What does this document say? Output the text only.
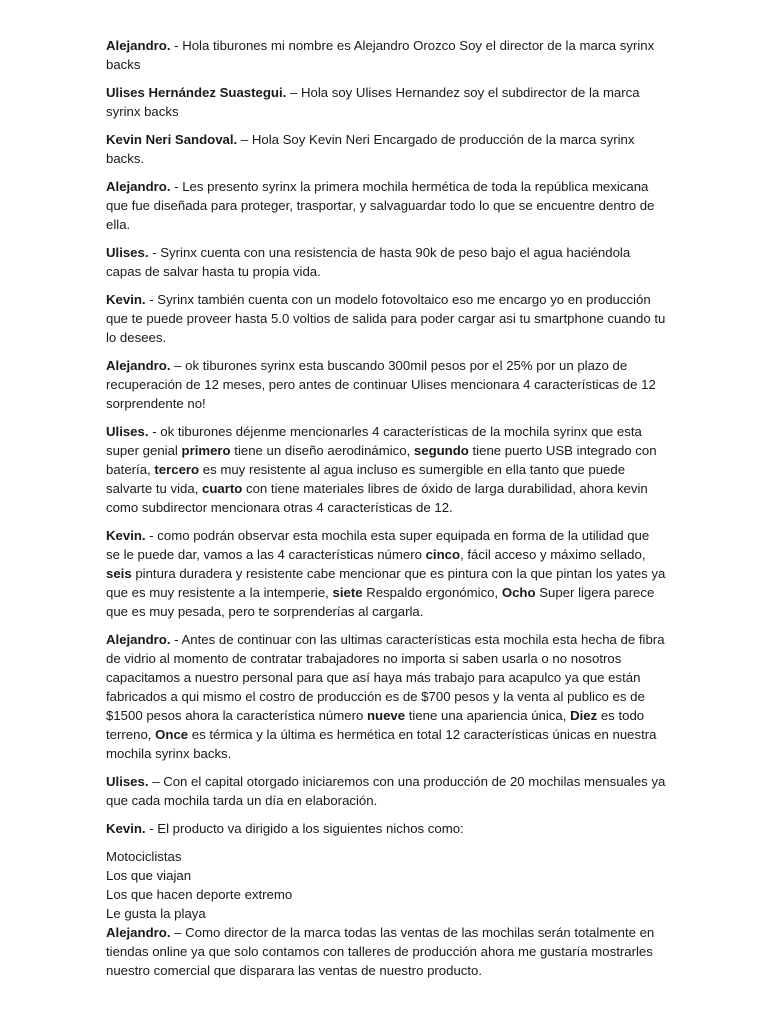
Alejandro. - Hola tiburones mi nombre es Alejandro Orozco Soy el director de la marca syrinx backs

Ulises Hernández Suastegui. – Hola soy Ulises Hernandez soy el subdirector de la marca syrinx backs

Kevin Neri Sandoval. – Hola Soy Kevin Neri Encargado de producción de la marca syrinx backs.

Alejandro. - Les presento syrinx la primera mochila hermética de toda la república mexicana que fue diseñada para proteger, trasportar, y salvaguardar todo lo que se encuentre dentro de ella.

Ulises. - Syrinx cuenta con una resistencia de hasta 90k de peso bajo el agua haciéndola capas de salvar hasta tu propia vida.

Kevin. - Syrinx también cuenta con un modelo fotovoltaico eso me encargo yo en producción que te puede proveer hasta 5.0 voltios de salida para poder cargar asi tu smartphone cuando tu lo desees.

Alejandro. – ok tiburones syrinx esta buscando 300mil pesos por el 25% por un plazo de recuperación de 12 meses, pero antes de continuar Ulises mencionara 4 características de 12 sorprendente no!

Ulises. - ok tiburones déjenme mencionarles 4 características de la mochila syrinx que esta super genial primero tiene un diseño aerodinámico, segundo tiene puerto USB integrado con batería, tercero es muy resistente al agua incluso es sumergible en ella tanto que puede salvarte tu vida, cuarto con tiene materiales libres de óxido de larga durabilidad, ahora kevin como subdirector mencionara otras 4 características de 12.

Kevin. - como podrán observar esta mochila esta super equipada en forma de la utilidad que se le puede dar, vamos a las 4 características número cinco, fácil acceso y máximo sellado, seis pintura duradera y resistente cabe mencionar que es pintura con la que pintan los yates ya que es muy resistente a la intemperie, siete Respaldo ergonómico, Ocho Super ligera parece que es muy pesada, pero te sorprenderías al cargarla.

Alejandro. - Antes de continuar con las ultimas características esta mochila esta hecha de fibra de vidrio al momento de contratar trabajadores no importa si saben usarla o no nosotros capacitamos a nuestro personal para que así haya más trabajo para acapulco ya que están fabricados a qui mismo el costro de producción es de $700 pesos y la venta al publico es de $1500 pesos ahora la característica número nueve tiene una apariencia única, Diez es todo terreno, Once es térmica y la última es hermética en total 12 características únicas en nuestra mochila syrinx backs.

Ulises. – Con el capital otorgado iniciaremos con una producción de 20 mochilas mensuales ya que cada mochila tarda un día en elaboración.

Kevin. - El producto va dirigido a los siguientes nichos como:

Motociclistas
Los que viajan
Los que hacen deporte extremo
Le gusta la playa

Alejandro. – Como director de la marca todas las ventas de las mochilas serán totalmente en tiendas online ya que solo contamos con talleres de producción ahora me gustaría mostrarles nuestro comercial que disparara las ventas de nuestro producto.
